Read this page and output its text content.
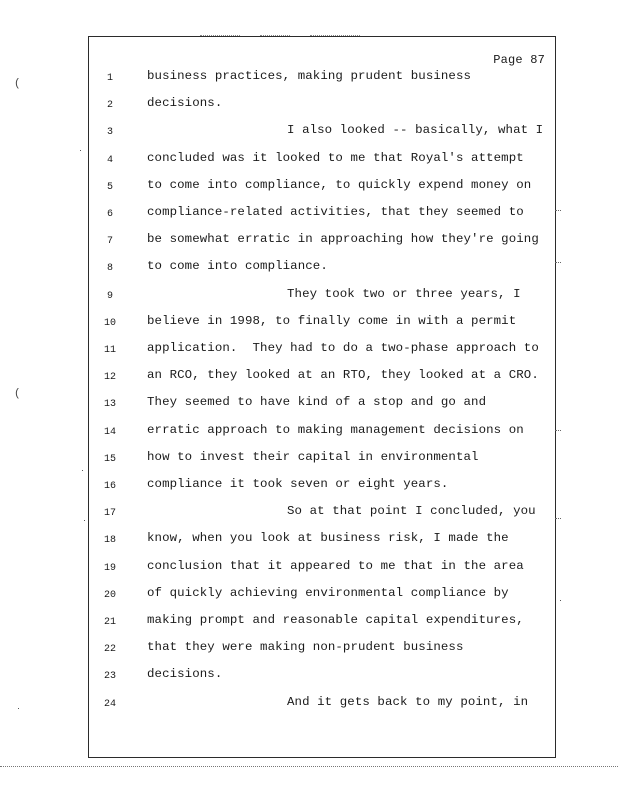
Page 87
1	business practices, making prudent business
2	decisions.
3	I also looked -- basically, what I
4	concluded was it looked to me that Royal's attempt
5	to come into compliance, to quickly expend money on
6	compliance-related activities, that they seemed to
7	be somewhat erratic in approaching how they're going
8	to come into compliance.
9	They took two or three years, I
10	believe in 1998, to finally come in with a permit
11	application.  They had to do a two-phase approach to
12	an RCO, they looked at an RTO, they looked at a CRO.
13	They seemed to have kind of a stop and go and
14	erratic approach to making management decisions on
15	how to invest their capital in environmental
16	compliance it took seven or eight years.
17	So at that point I concluded, you
18	know, when you look at business risk, I made the
19	conclusion that it appeared to me that in the area
20	of quickly achieving environmental compliance by
21	making prompt and reasonable capital expenditures,
22	that they were making non-prudent business
23	decisions.
24	And it gets back to my point, in
(
(
